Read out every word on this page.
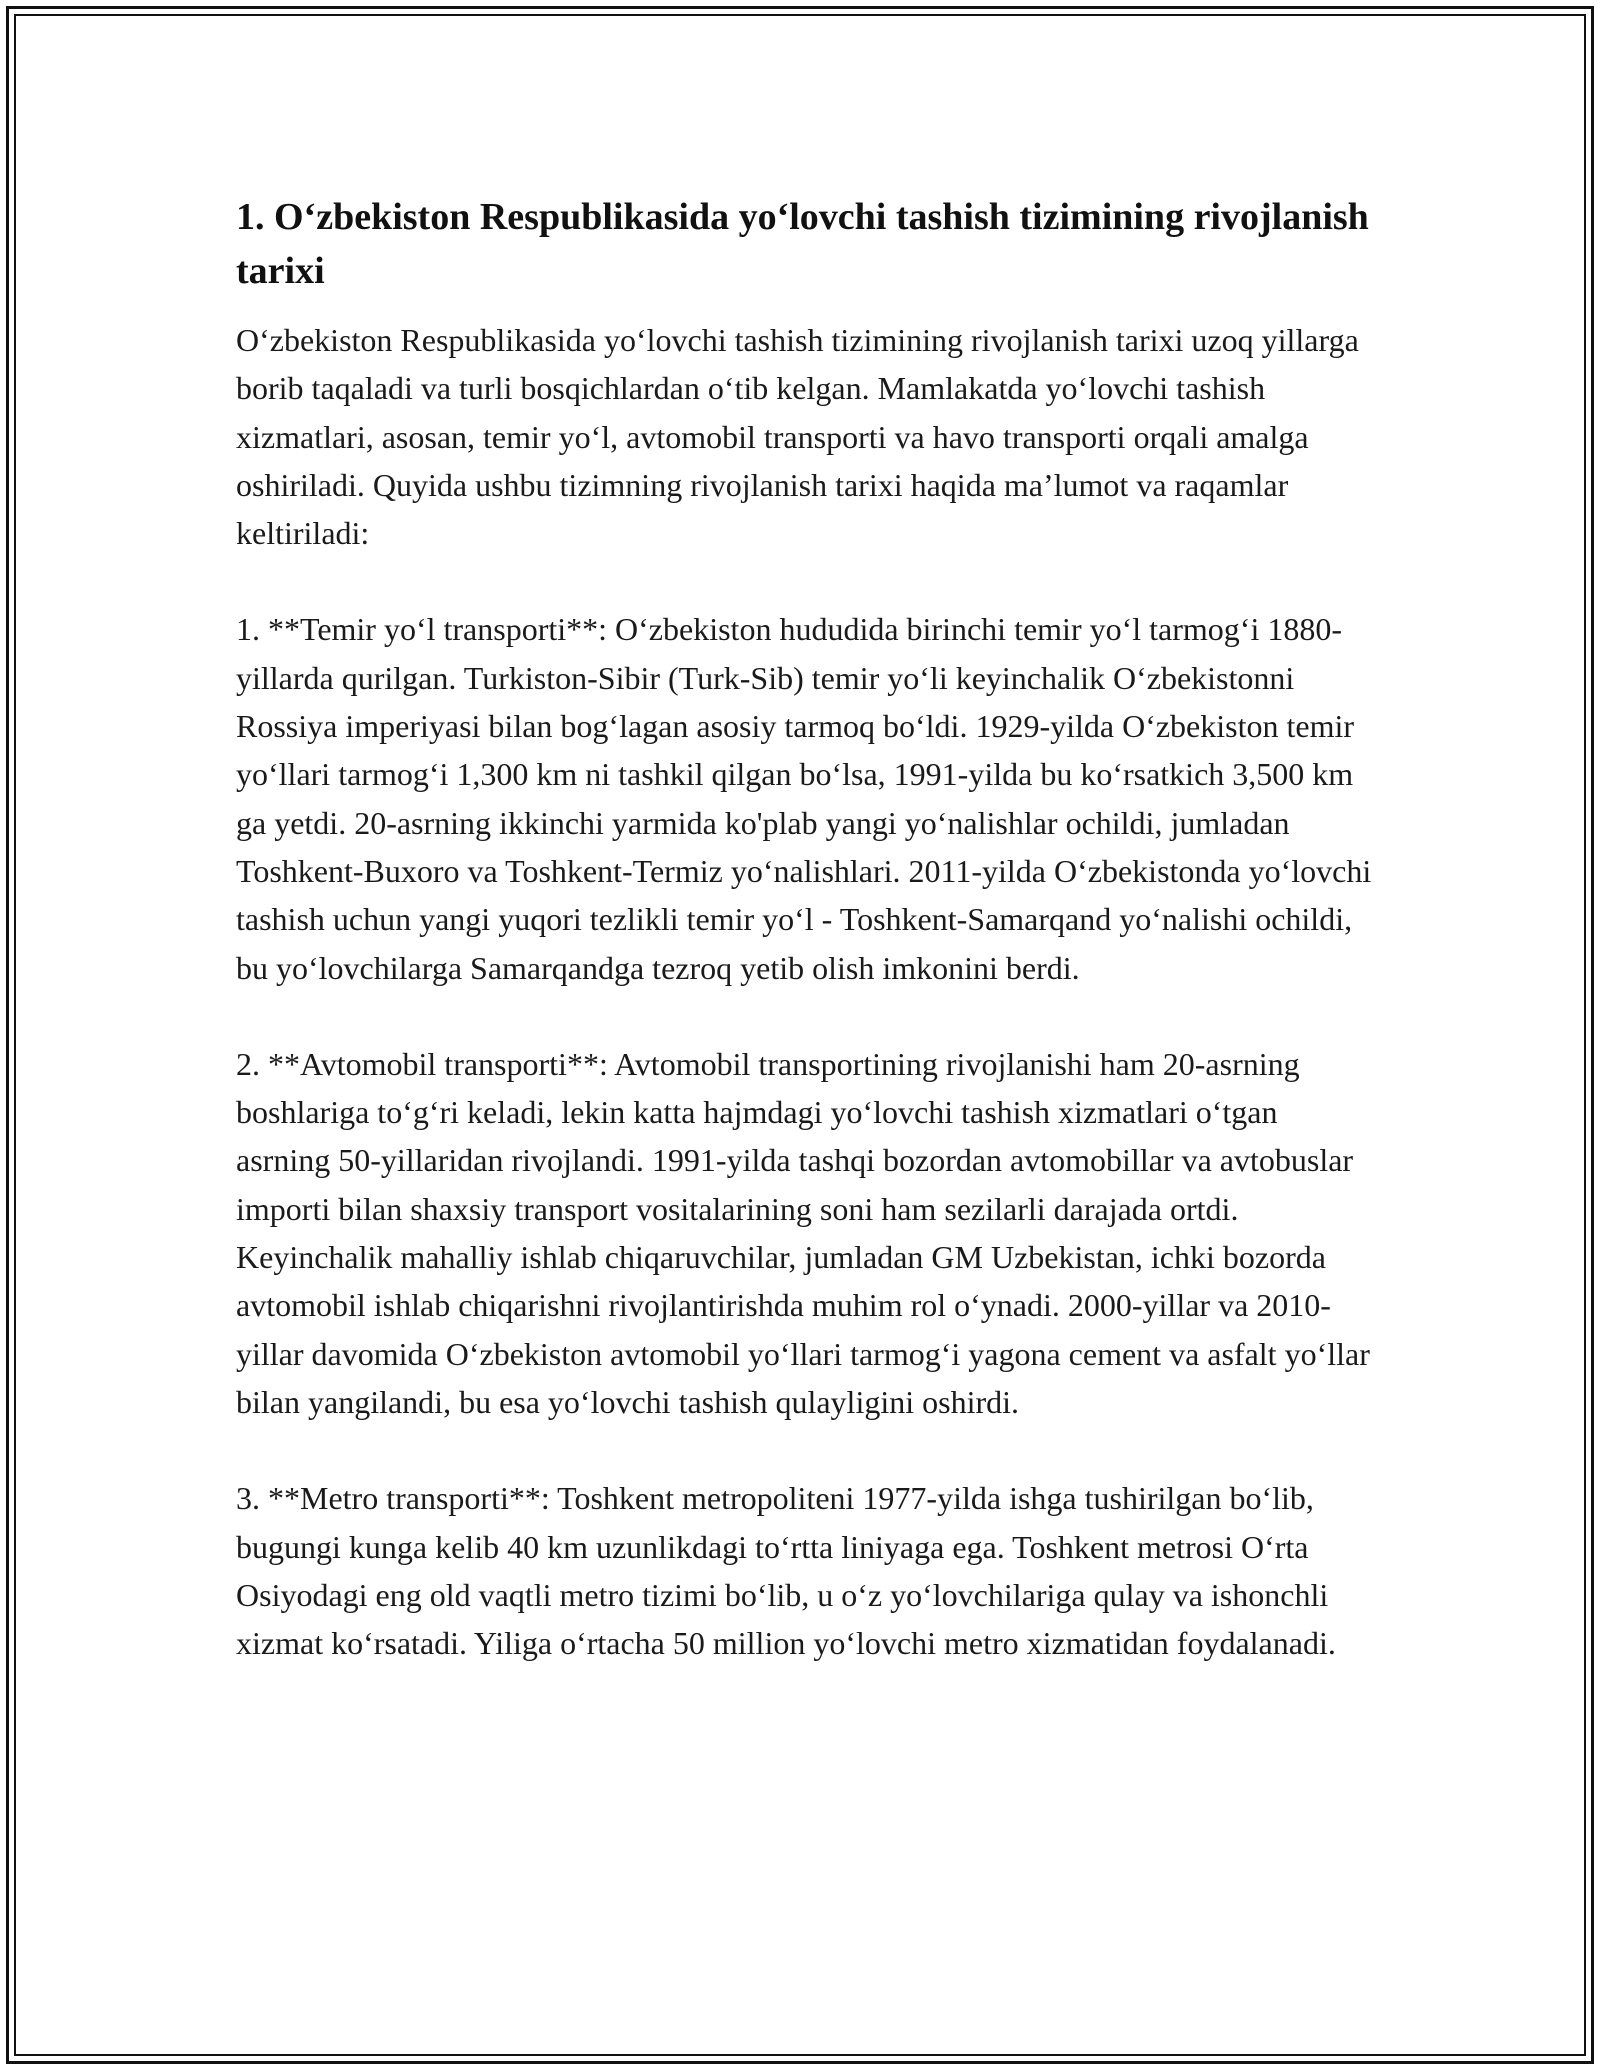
1. O‘zbekiston Respublikasida yo‘lovchi tashish tizimining rivojlanish tarixi

O‘zbekiston Respublikasida yo‘lovchi tashish tizimining rivojlanish tarixi uzoq yillarga borib taqaladi va turli bosqichlardan o‘tib kelgan. Mamlakatda yo‘lovchi tashish xizmatlari, asosan, temir yo‘l, avtomobil transporti va havo transporti orqali amalga oshiriladi. Quyida ushbu tizimning rivojlanish tarixi haqida ma’lumot va raqamlar keltiriladi:

1. **Temir yo‘l transporti**: O‘zbekiston hududida birinchi temir yo‘l tarmog‘i 1880-yillarda qurilgan. Turkiston-Sibir (Turk-Sib) temir yo‘li keyinchalik O‘zbekistonni Rossiya imperiyasi bilan bog‘lagan asosiy tarmoq bo‘ldi. 1929-yilda O‘zbekiston temir yo‘llari tarmog‘i 1,300 km ni tashkil qilgan bo‘lsa, 1991-yilda bu ko‘rsatkich 3,500 km ga yetdi. 20-asrning ikkinchi yarmida ko'plab yangi yo‘nalishlar ochildi, jumladan Toshkent-Buxoro va Toshkent-Termiz yo‘nalishlari. 2011-yilda O‘zbekistonda yo‘lovchi tashish uchun yangi yuqori tezlikli temir yo‘l - Toshkent-Samarqand yo‘nalishi ochildi, bu yo‘lovchilarga Samarqandga tezroq yetib olish imkonini berdi.

2. **Avtomobil transporti**: Avtomobil transportining rivojlanishi ham 20-asrning boshlariga to‘g‘ri keladi, lekin katta hajmdagi yo‘lovchi tashish xizmatlari o‘tgan asrning 50-yillaridan rivojlandi. 1991-yilda tashqi bozordan avtomobillar va avtobuslar importi bilan shaxsiy transport vositalarining soni ham sezilarli darajada ortdi. Keyinchalik mahalliy ishlab chiqaruvchilar, jumladan GM Uzbekistan, ichki bozorda avtomobil ishlab chiqarishni rivojlantirishda muhim rol o‘ynadi. 2000-yillar va 2010-yillar davomida O‘zbekiston avtomobil yo‘llari tarmog‘i yagona cement va asfalt yo‘llar bilan yangilandi, bu esa yo‘lovchi tashish qulayligini oshirdi.

3. **Metro transporti**: Toshkent metropoliteni 1977-yilda ishga tushirilgan bo‘lib, bugungi kunga kelib 40 km uzunlikdagi to‘rtta liniyaga ega. Toshkent metrosi O‘rta Osiyodagi eng old vaqtli metro tizimi bo‘lib, u o‘z yo‘lovchilariga qulay va ishonchli xizmat ko‘rsatadi. Yiliga o‘rtacha 50 million yo‘lovchi metro xizmatidan foydalanadi.
